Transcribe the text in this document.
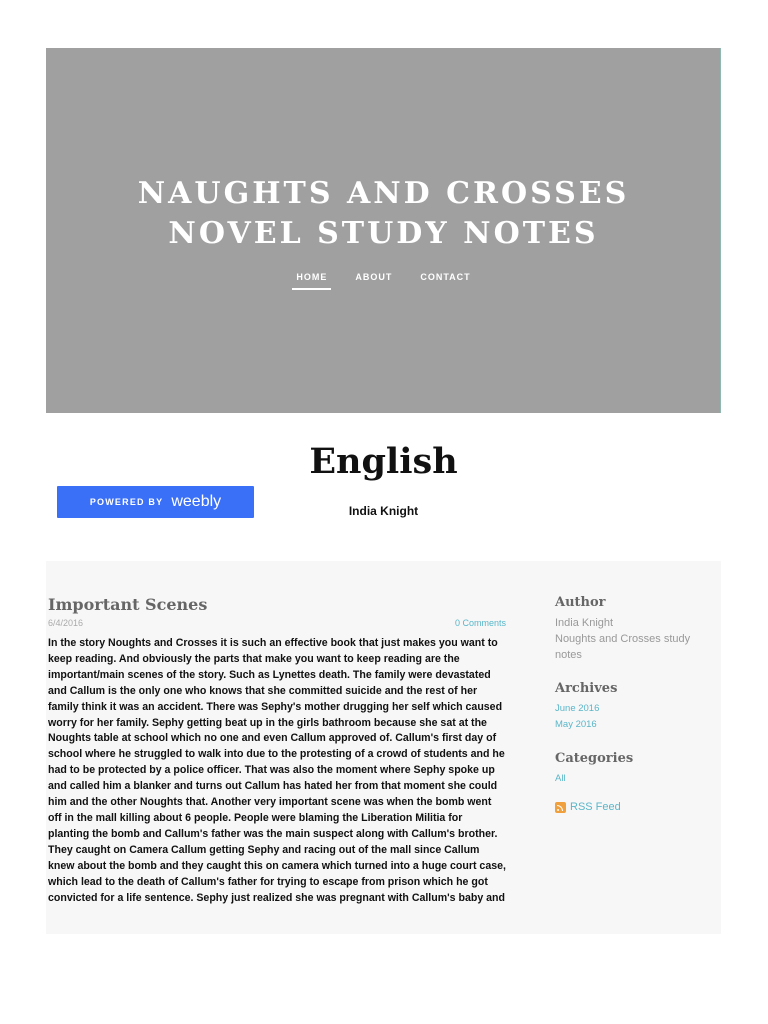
NAUGHTS AND CROSSES
NOVEL STUDY NOTES
HOME	ABOUT	CONTACT
English
India Knight
Important Scenes
6/4/2016	0 Comments
In the story Noughts and Crosses it is such an effective book that just makes you want to keep reading. And obviously the parts that make you want to keep reading are the important/main scenes of the story. Such as Lynettes death. The family were devastated and Callum is the only one who knows that she committed suicide and the rest of her family think it was an accident. There was Sephy's mother drugging her self which caused worry for her family. Sephy getting beat up in the girls bathroom because she sat at the Noughts table at school which no one and even Callum approved of. Callum's first day of school where he struggled to walk into due to the protesting of a crowd of students and he had to be protected by a police officer. That was also the moment where Sephy spoke up and called him a blanker and turns out Callum has hated her from that moment she could him and the other Noughts that. Another very important scene was when the bomb went off in the mall killing about 6 people. People were blaming the Liberation Militia for planting the bomb and Callum's father was the main suspect along with Callum's brother. They caught on Camera Callum getting Sephy and racing out of the mall since Callum knew about the bomb and they caught this on camera which turned into a huge court case, which lead to the death of Callum's father for trying to escape from prison which he got convicted for a life sentence. Sephy just realized she was pregnant with Callum's baby and
Author
India Knight
Noughts and Crosses study notes
Archives
June 2016
May 2016
Categories
All
RSS Feed
POWERED BY weebly
